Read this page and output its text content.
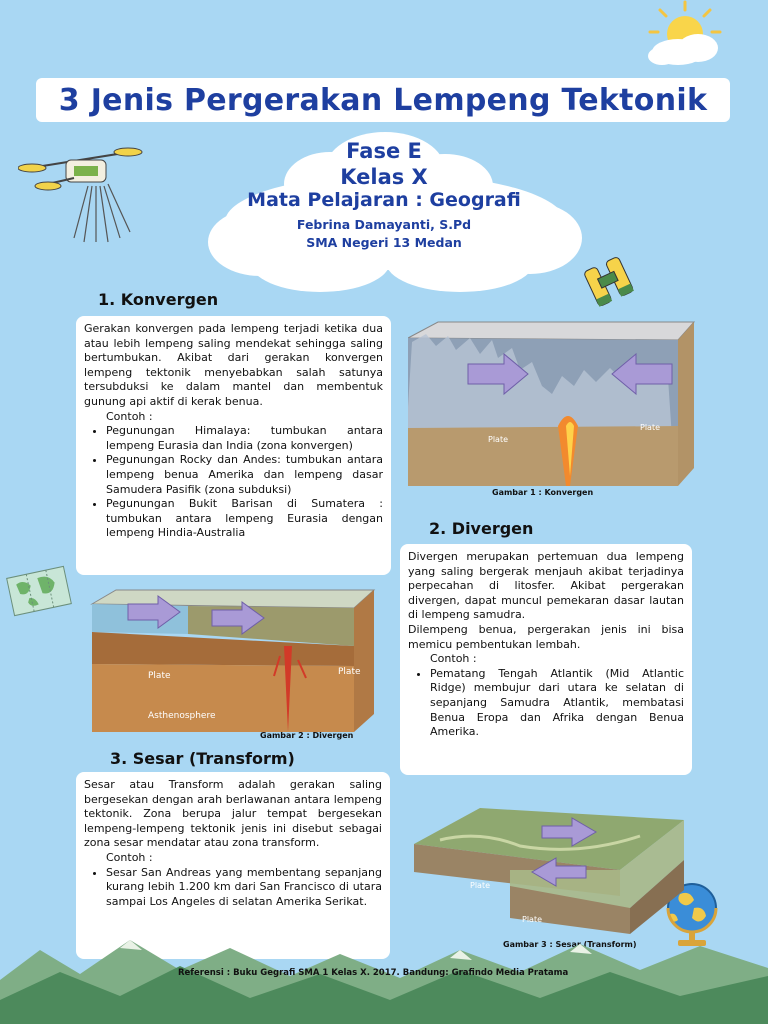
3 Jenis Pergerakan Lempeng Tektonik
Fase E
Kelas X
Mata Pelajaran : Geografi
Febrina Damayanti, S.Pd
SMA Negeri 13 Medan
1. Konvergen

Gerakan konvergen pada lempeng terjadi ketika dua atau lebih lempeng saling mendekat sehingga saling bertumbukan. Akibat dari gerakan konvergen lempeng tektonik menyebabkan salah satunya tersubduksi ke dalam mantel dan membentuk gunung api aktif di kerak benua.

Contoh :
• Pegunungan Himalaya: tumbukan antara lempeng Eurasia dan India (zona konvergen)
• Pegunungan Rocky dan Andes: tumbukan antara lempeng benua Amerika dan lempeng dasar Samudera Pasifik (zona subduksi)
• Pegunungan Bukit Barisan di Sumatera : tumbukan antara lempeng Eurasia dengan lempeng Hindia-Australia
Plate
Plate
Gambar 1 : Konvergen
2. Divergen

Divergen merupakan pertemuan dua lempeng yang saling bergerak menjauh akibat terjadinya perpecahan di litosfer. Akibat pergerakan divergen, dapat muncul pemekaran dasar lautan di lempeng samudra.

Dilempeng benua, pergerakan jenis ini bisa memicu pembentukan lembah.

Contoh :
• Pematang Tengah Atlantik (Mid Atlantic Ridge) membujur dari utara ke selatan di sepanjang Samudra Atlantik, membatasi Benua Eropa dan Afrika dengan Benua Amerika.
Plate	Plate
Asthenosphere
Gambar 2 : Divergen
3. Sesar (Transform)

Sesar atau Transform adalah gerakan saling bergesekan dengan arah berlawanan antara lempeng tektonik. Zona berupa jalur tempat bergesekan lempeng-lempeng tektonik jenis ini disebut sebagai zona sesar mendatar atau zona transform.

Contoh :
• Sesar San Andreas yang membentang sepanjang kurang lebih 1.200 km dari San Francisco di utara sampai Los Angeles di selatan Amerika Serikat.
Plate
Plate
Gambar 3 : Sesar (Transform)
Referensi : Buku Gegrafi SMA 1 Kelas X. 2017. Bandung: Grafindo Media Pratama
